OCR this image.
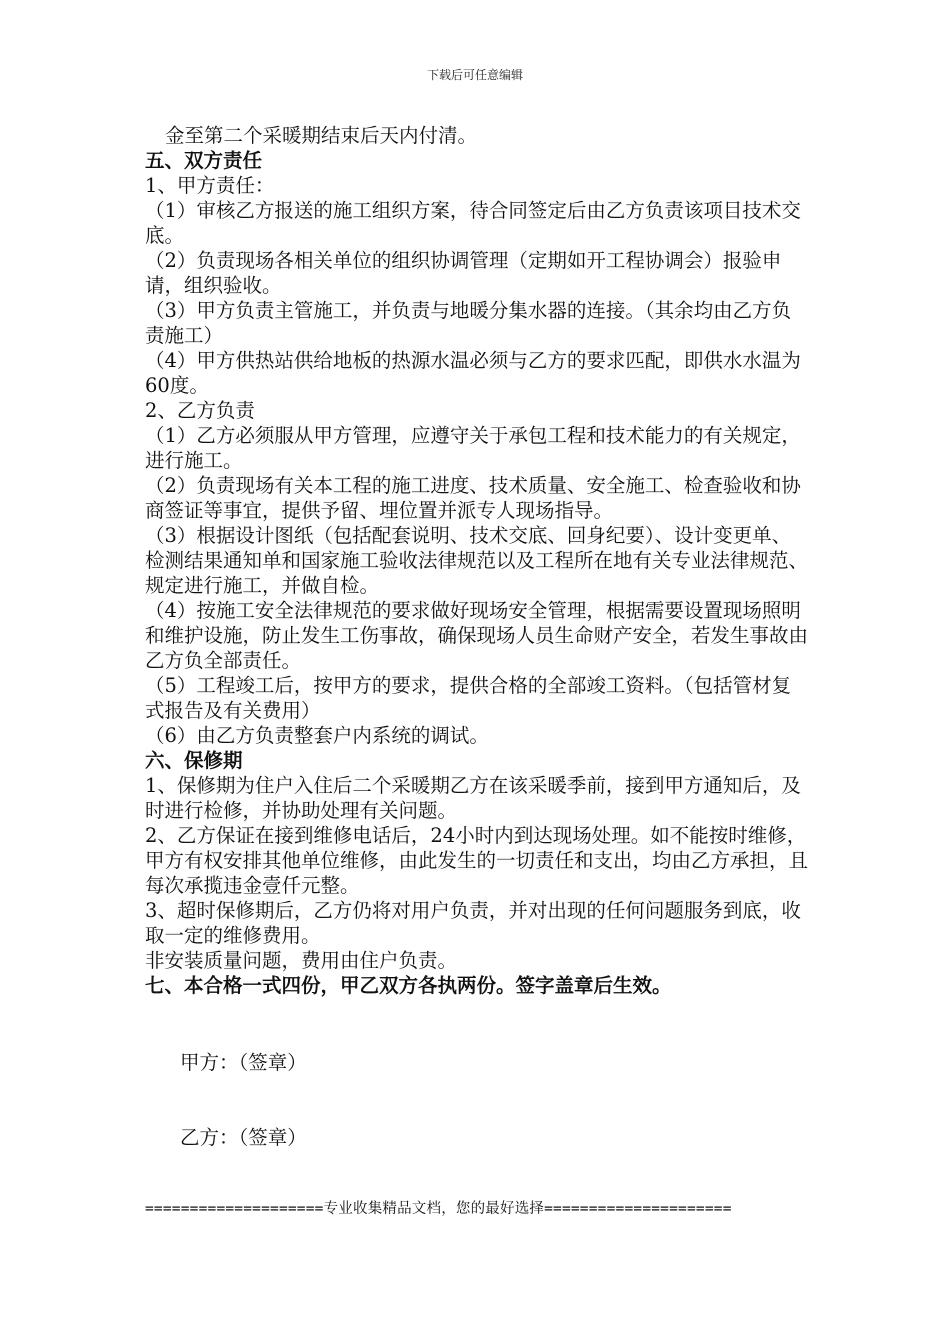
下载后可任意编辑

金至第二个采暖期结束后天内付清。

五、双方责任

1、甲方责任：

（1）审核乙方报送的施工组织方案，待合同签定后由乙方负责该项目技术交底。

（2）负责现场各相关单位的组织协调管理（定期如开工程协调会）报验申请，组织验收。

（3）甲方负责主管施工，并负责与地暖分集水器的连接。（其余均由乙方负责施工）

（4）甲方供热站供给地板的热源水温必须与乙方的要求匹配，即供水水温为60度。

2、乙方负责

（1）乙方必须服从甲方管理，应遵守关于承包工程和技术能力的有关规定，进行施工。

（2）负责现场有关本工程的施工进度、技术质量、安全施工、检查验收和协商签证等事宜，提供予留、埋位置并派专人现场指导。

（3）根据设计图纸（包括配套说明、技术交底、回身纪要）、设计变更单、检测结果通知单和国家施工验收法律规范以及工程所在地有关专业法律规范、规定进行施工，并做自检。

（4）按施工安全法律规范的要求做好现场安全管理，根据需要设置现场照明和维护设施，防止发生工伤事故，确保现场人员生命财产安全，若发生事故由乙方负全部责任。

（5）工程竣工后，按甲方的要求，提供合格的全部竣工资料。（包括管材复式报告及有关费用）

（6）由乙方负责整套户内系统的调试。

六、保修期

1、保修期为住户入住后二个采暖期乙方在该采暖季前，接到甲方通知后，及时进行检修，并协助处理有关问题。

2、乙方保证在接到维修电话后，24小时内到达现场处理。如不能按时维修，甲方有权安排其他单位维修，由此发生的一切责任和支出，均由乙方承担，且每次承揽违金壹仟元整。

3、超时保修期后，乙方仍将对用户负责，并对出现的任何问题服务到底，收取一定的维修费用。

非安装质量问题，费用由住户负责。

七、本合格一式四份，甲乙双方各执两份。签字盖章后生效。

甲方：（签章）
乙方：（签章）
====================专业收集精品文档，您的最好选择=====================
